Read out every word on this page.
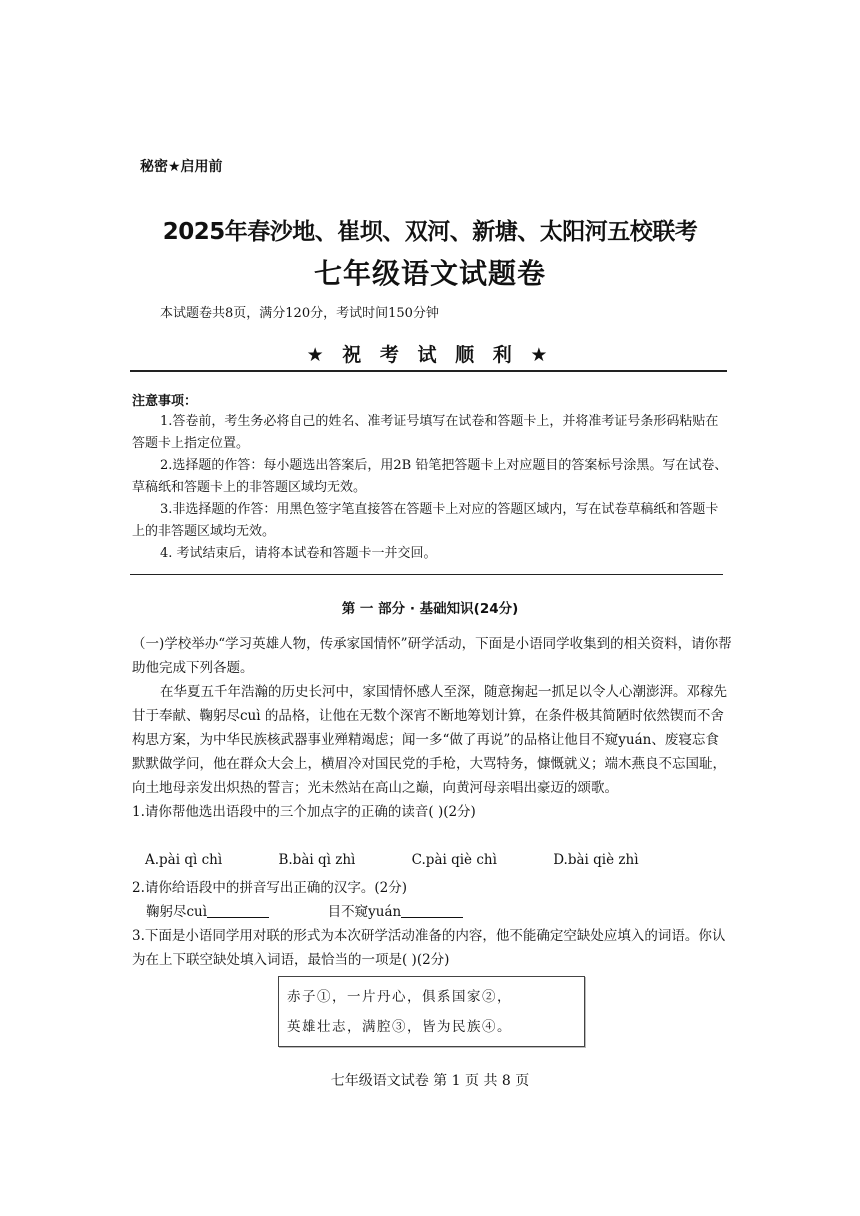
秘密★启用前
2025年春沙地、崔坝、双河、新塘、太阳河五校联考
七年级语文试题卷
本试题卷共8页，满分120分，考试时间150分钟
★ 祝 考 试 顺 利 ★
注意事项：

1.答卷前，考生务必将自己的姓名、准考证号填写在试卷和答题卡上，并将准考证号条形码粘贴在答题卡上指定位置。

2.选择题的作答：每小题选出答案后，用2B 铅笔把答题卡上对应题目的答案标号涂黑。写在试卷、草稿纸和答题卡上的非答题区域均无效。

3.非选择题的作答：用黑色签字笔直接答在答题卡上对应的答题区域内，写在试卷草稿纸和答题卡上的非答题区域均无效。

4. 考试结束后，请将本试卷和答题卡一并交回。

第 一 部分 · 基础知识(24分)

（一)学校举办“学习英雄人物，传承家国情怀”研学活动，下面是小语同学收集到的相关资料，请你帮助他完成下列各题。

在华夏五千年浩瀚的历史长河中，家国情怀感人至深，随意掬起一抓足以令人心潮澎湃。邓稼先甘于奉献、鞠躬尽cuì 的品格，让他在无数个深宵不断地筹划计算，在条件极其简陋时依然锲而不舍构思方案，为中华民族核武器事业殚精竭虑；闻一多“做了再说”的品格让他目不窥yuán、废寝忘食默默做学问，他在群众大会上，横眉冷对国民党的手枪，大骂特务，慷慨就义；端木燕良不忘国耻，向土地母亲发出炽热的誓言；光未然站在高山之巅，向黄河母亲唱出豪迈的颂歌。

1.请你帮他选出语段中的三个加点字的正确的读音( )(2分)

A.pài qì chì	B.bài qì zhì	C.pài qiè chì	D.bài qiè zhì

2.请你给语段中的拼音写出正确的汉字。(2分)

鞠躬尽cuì	目不窥yuán

3.下面是小语同学用对联的形式为本次研学活动准备的内容，他不能确定空缺处应填入的词语。你认为在上下联空缺处填入词语，最恰当的一项是( )(2分)

赤子①，一片丹心，俱系国家②，

英雄壮志，满腔③，皆为民族④。

七年级语文试卷 第 1 页 共 8 页
